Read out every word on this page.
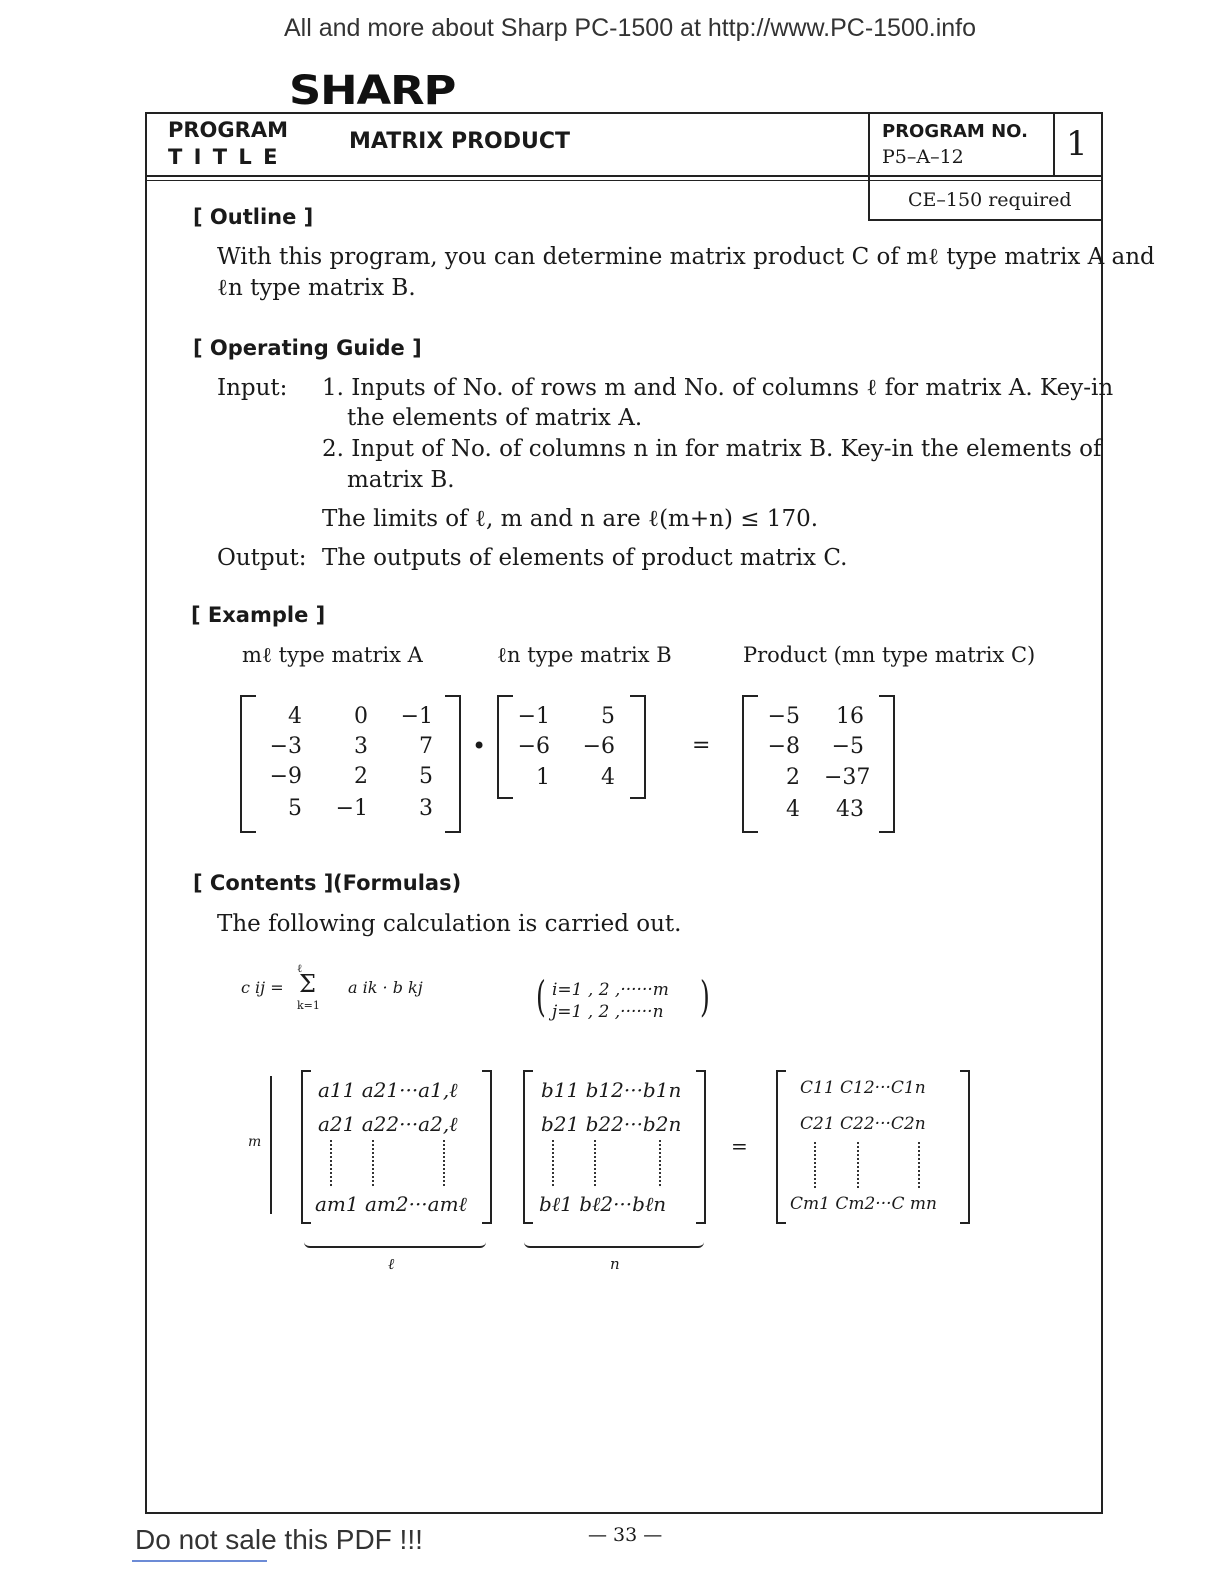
All and more about Sharp PC-1500 at http://www.PC-1500.info
SHARP
PROGRAM
T I T L E
MATRIX PRODUCT	PROGRAM NO.
P5–A–12	1
CE–150 required
[ Outline ]
With this program, you can determine matrix product C of mℓ type matrix A and
ℓn type matrix B.
[ Operating Guide ]
Input: 1. Inputs of No. of rows m and No. of columns ℓ for matrix A. Key-in
the elements of matrix A.
2. Input of No. of columns n in for matrix B. Key-in the elements of
matrix B.
The limits of ℓ, m and n are ℓ(m+n) ≤ 170.
Output: The outputs of elements of product matrix C.
[ Example ]
mℓ type matrix A	ℓn type matrix B	Product (mn type matrix C)
4	0	−1
−3	3	7
−9	2	5
5	−1	3
•
−1	5
−6	−6
1	4
=
−5	16
−8	−5
2 −37
4	43
[ Contents ] (Formulas)
The following calculation is carried out.
c ij =
ℓ
Σ
k=1
a ik · b kj	( i=1 , 2 ,······m
j=1 , 2 ,······n )
m
a11 a21···a1,ℓ
a21 a22···a2,ℓ
am1 am2···amℓ
b11 b12···b1n
b21 b22···b2n
bℓ1 bℓ2···bℓn
=
C11 C12···C1n
C21 C22···C2n
Cm1 Cm2···C mn
ℓ	n
Do not sale this PDF !!!	— 33 —
